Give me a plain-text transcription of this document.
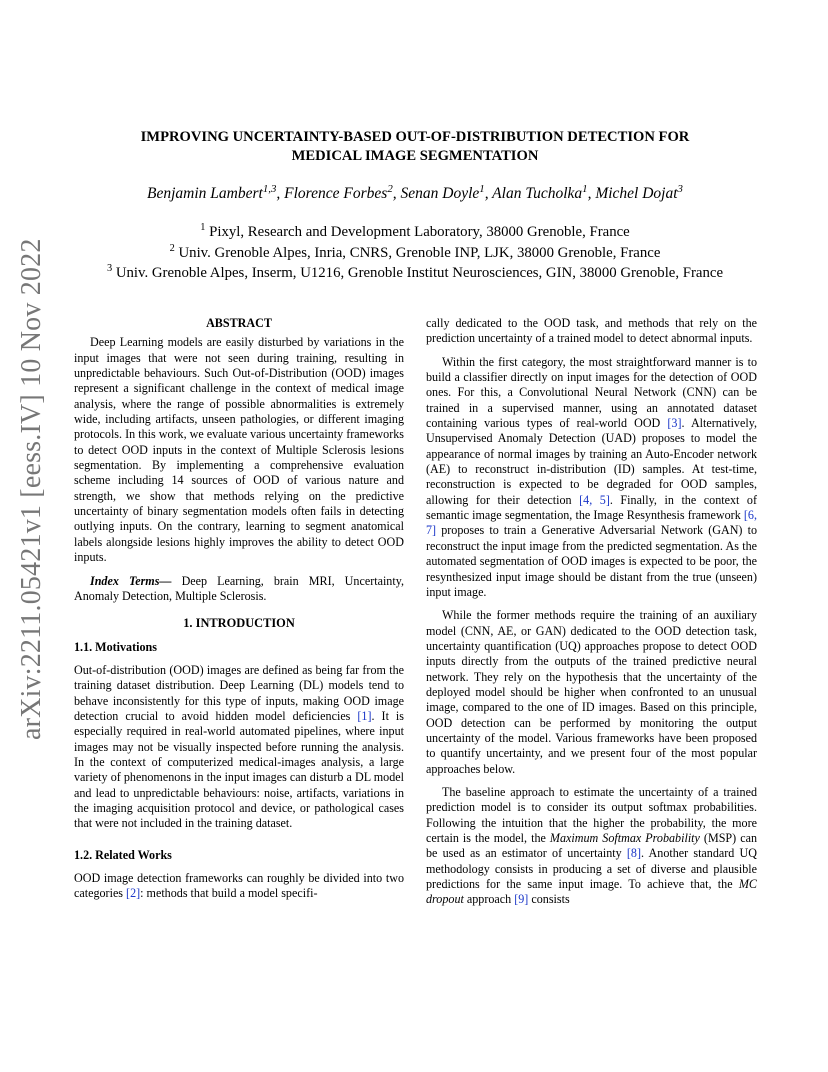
arXiv:2211.05421v1 [eess.IV] 10 Nov 2022
IMPROVING UNCERTAINTY-BASED OUT-OF-DISTRIBUTION DETECTION FOR
MEDICAL IMAGE SEGMENTATION
Benjamin Lambert$^{1,3}$, Florence Forbes$^2$, Senan Doyle$^1$, Alan Tucholka$^1$, Michel Dojat$^3$
$^1$ Pixyl, Research and Development Laboratory, 38000 Grenoble, France
$^2$ Univ. Grenoble Alpes, Inria, CNRS, Grenoble INP, LJK, 38000 Grenoble, France
$^3$ Univ. Grenoble Alpes, Inserm, U1216, Grenoble Institut Neurosciences, GIN, 38000 Grenoble, France

ABSTRACT

Deep Learning models are easily disturbed by variations in the input images that were not seen during training, resulting in unpredictable behaviours. Such Out-of-Distribution (OOD) images represent a significant challenge in the context of medical image analysis, where the range of possible abnormalities is extremely wide, including artifacts, unseen pathologies, or different imaging protocols. In this work, we evaluate various uncertainty frameworks to detect OOD inputs in the context of Multiple Sclerosis lesions segmentation. By implementing a comprehensive evaluation scheme including 14 sources of OOD of various nature and strength, we show that methods relying on the predictive uncertainty of binary segmentation models often fails in detecting outlying inputs. On the contrary, learning to segment anatomical labels alongside lesions highly improves the ability to detect OOD inputs.

Index Terms— Deep Learning, brain MRI, Uncertainty, Anomaly Detection, Multiple Sclerosis.

1. INTRODUCTION

1.1. Motivations

Out-of-distribution (OOD) images are defined as being far from the training dataset distribution. Deep Learning (DL) models tend to behave inconsistently for this type of inputs, making OOD image detection crucial to avoid hidden model deficiencies [1]. It is especially required in real-world automated pipelines, where input images may not be visually inspected before running the analysis. In the context of computerized medical-images analysis, a large variety of phenomenons in the input images can disturb a DL model and lead to unpredictable behaviours: noise, artifacts, variations in the imaging acquisition protocol and device, or pathological cases that were not included in the training dataset.

1.2. Related Works

OOD image detection frameworks can roughly be divided into two categories [2]: methods that build a model specifi-

cally dedicated to the OOD task, and methods that rely on the prediction uncertainty of a trained model to detect abnormal inputs.

Within the first category, the most straightforward manner is to build a classifier directly on input images for the detection of OOD ones. For this, a Convolutional Neural Network (CNN) can be trained in a supervised manner, using an annotated dataset containing various types of real-world OOD [3]. Alternatively, Unsupervised Anomaly Detection (UAD) proposes to model the appearance of normal images by training an Auto-Encoder network (AE) to reconstruct in-distribution (ID) samples. At test-time, reconstruction is expected to be degraded for OOD samples, allowing for their detection [4, 5]. Finally, in the context of semantic image segmentation, the Image Resynthesis framework [6, 7] proposes to train a Generative Adversarial Network (GAN) to reconstruct the input image from the predicted segmentation. As the automated segmentation of OOD images is expected to be poor, the resynthesized input image should be distant from the true (unseen) input image.

While the former methods require the training of an auxiliary model (CNN, AE, or GAN) dedicated to the OOD detection task, uncertainty quantification (UQ) approaches propose to detect OOD inputs directly from the outputs of the trained predictive neural network. They rely on the hypothesis that the uncertainty of the deployed model should be higher when confronted to an unusual image, compared to the one of ID images. Based on this principle, OOD detection can be performed by monitoring the output uncertainty of the model. Various frameworks have been proposed to quantify uncertainty, and we present four of the most popular approaches below.

The baseline approach to estimate the uncertainty of a trained prediction model is to consider its output softmax probabilities. Following the intuition that the higher the probability, the more certain is the model, the Maximum Softmax Probability (MSP) can be used as an estimator of uncertainty [8]. Another standard UQ methodology consists in producing a set of diverse and plausible predictions for the same input image. To achieve that, the MC dropout approach [9] consists
